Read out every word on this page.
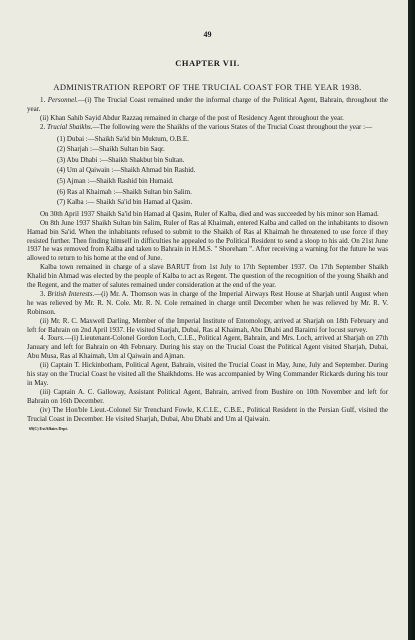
49
CHAPTER VII.
ADMINISTRATION REPORT OF THE TRUCIAL COAST FOR THE YEAR 1938.

1. Personnel.—(i) The Trucial Coast remained under the informal charge of the Political Agent, Bahrain, throughout the year.

(ii) Khan Sahib Sayid Abdur Razzaq remained in charge of the post of Residency Agent throughout the year.

2. Trucial Shaikhs.—The following were the Shaikhs of the various States of the Trucial Coast throughout the year :—

(1) Dubai :—Shaikh Sa'id bin Muktum, O.B.E.
(2) Sharjah :—Shaikh Sultan bin Saqr.
(3) Abu Dhabi :—Shaikh Shakbut bin Sultan.
(4) Um al Qaiwain :—Shaikh Ahmad bin Rashid.
(5) Ajman :—Shaikh Rashid bin Humaid.
(6) Ras al Khaimah :—Shaikh Sultan bin Salim.
(7) Kalba :— Shaikh Sa'id bin Hamad al Qasim.

On 30th April 1937 Shaikh Sa'id bin Hamad al Qasim, Ruler of Kalba, died and was succeeded by his minor son Hamad.

On 8th June 1937 Shaikh Sultan bin Salim, Ruler of Ras al Khaimah, entered Kalba and called on the inhabitants to disown Hamad bin Sa'id. When the inhabitants refused to submit to the Shaikh of Ras al Khaimah he threatened to use force if they resisted further. Then finding himself in difficulties he appealed to the Political Resident to send a sloop to his aid. On 21st June 1937 he was removed from Kalba and taken to Bahrain in H.M.S. " Shoreham ". After receiving a warning for the future he was allowed to return to his home at the end of June.

Kalba town remained in charge of a slave BARUT from 1st July to 17th September 1937. On 17th September Shaikh Khalid bin Ahmad was elected by the people of Kalba to act as Regent. The question of the recognition of the young Shaikh and the Regent, and the matter of salutes remained under consideration at the end of the year.

3. British Interests.—(i) Mr. A. Thomson was in charge of the Imperial Airways Rest House at Sharjah until August when he was relieved by Mr. R. N. Cole. Mr. R. N. Cole remained in charge until December when he was relieved by Mr. R. V. Robinson.

(ii) Mr. R. C. Maxwell Darling, Member of the Imperial Institute of Entomology, arrived at Sharjah on 18th February and left for Bahrain on 2nd April 1937. He visited Sharjah, Dubai, Ras al Khaimah, Abu Dhabi and Baraimi for locust survey.

4. Tours.—(i) Lieutenant-Colonel Gordon Loch, C.I.E., Political Agent, Bahrain, and Mrs. Loch, arrived at Sharjah on 27th January and left for Bahrain on 4th February. During his stay on the Trucial Coast the Political Agent visited Sharjah, Dubai, Abu Musa, Ras al Khaimah, Um al Qaiwain and Ajman.

(ii) Captain T. Hickinbotham, Political Agent, Bahrain, visited the Trucial Coast in May, June, July and September. During his stay on the Trucial Coast he visited all the Shaikhdoms. He was accompanied by Wing Commander Rickards during his tour in May.

(iii) Captain A. C. Galloway, Assistant Political Agent, Bahrain, arrived from Bushire on 10th November and left for Bahrain on 16th December.

(iv) The Hon'ble Lieut.-Colonel Sir Trenchard Fowle, K.C.I.E., C.B.E., Political Resident in the Persian Gulf, visited the Trucial Coast in December. He visited Sharjah, Dubai, Abu Dhabi and Um al Qaiwain.

69(C) ExtAffairs Dept.
